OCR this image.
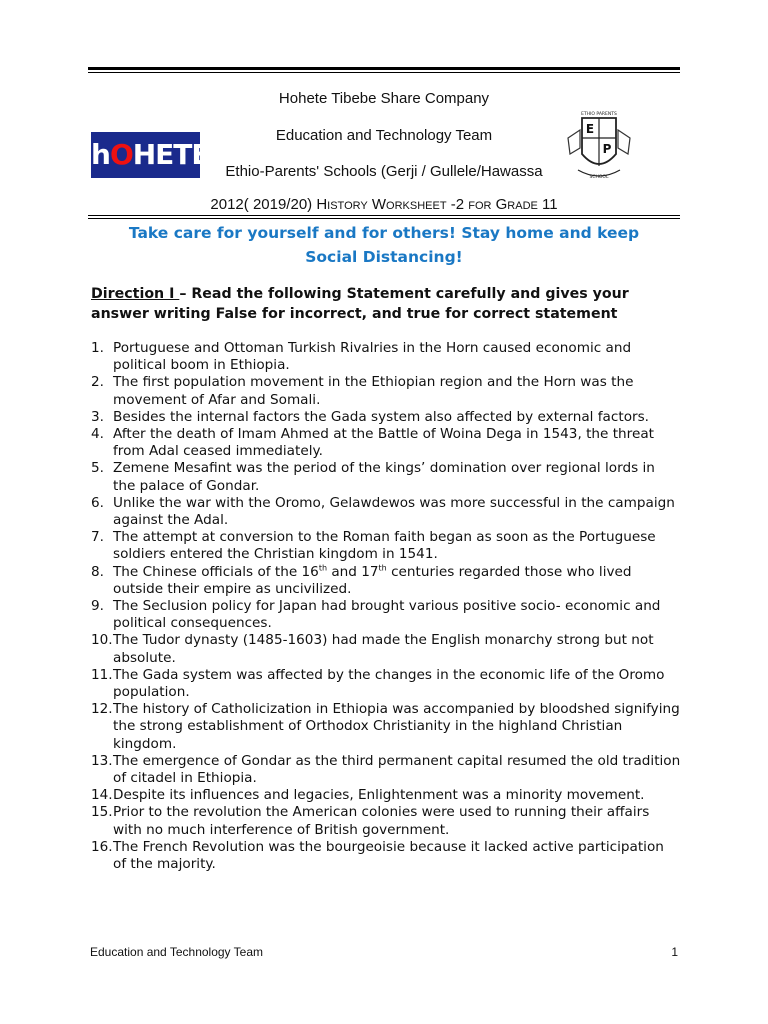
Hohete Tibebe Share Company
Education and Technology Team
Ethio-Parents' Schools (Gerji / Gullele/Hawassa
2012( 2019/20) History Worksheet -2 for Grade 11
hOHETE
E
P
ETHIO PARENTS
SCHOOL
Take care for yourself and for others! Stay home and keep
Social Distancing!
Direction I – Read the following Statement carefully and gives your answer writing False for incorrect, and true for correct statement
1. Portuguese and Ottoman Turkish Rivalries in the Horn caused economic and political boom in Ethiopia.
2. The first population movement in the Ethiopian region and the Horn was the movement of Afar and Somali.
3. Besides the internal factors the Gada system also affected by external factors.
4. After the death of Imam Ahmed at the Battle of Woina Dega in 1543, the threat from Adal ceased immediately.
5. Zemene Mesafint was the period of the kings’ domination over regional lords in the palace of Gondar.
6. Unlike the war with the Oromo, Gelawdewos was more successful in the campaign against the Adal.
7. The attempt at conversion to the Roman faith began as soon as the Portuguese soldiers entered the Christian kingdom in 1541.
8. The Chinese officials of the 16th and 17th centuries regarded those who lived outside their empire as uncivilized.
9. The Seclusion policy for Japan had brought various positive socio- economic and political consequences.
10. The Tudor dynasty (1485-1603) had made the English monarchy strong but not absolute.
11. The Gada system was affected by the changes in the economic life of the Oromo population.
12. The history of Catholicization in Ethiopia was accompanied by bloodshed signifying the strong establishment of Orthodox Christianity in the highland Christian kingdom.
13. The emergence of Gondar as the third permanent capital resumed the old tradition of citadel in Ethiopia.
14. Despite its influences and legacies, Enlightenment was a minority movement.
15. Prior to the revolution the American colonies were used to running their affairs with no much interference of British government.
16. The French Revolution was the bourgeoisie because it lacked active participation of the majority.
Education and Technology Team	1
